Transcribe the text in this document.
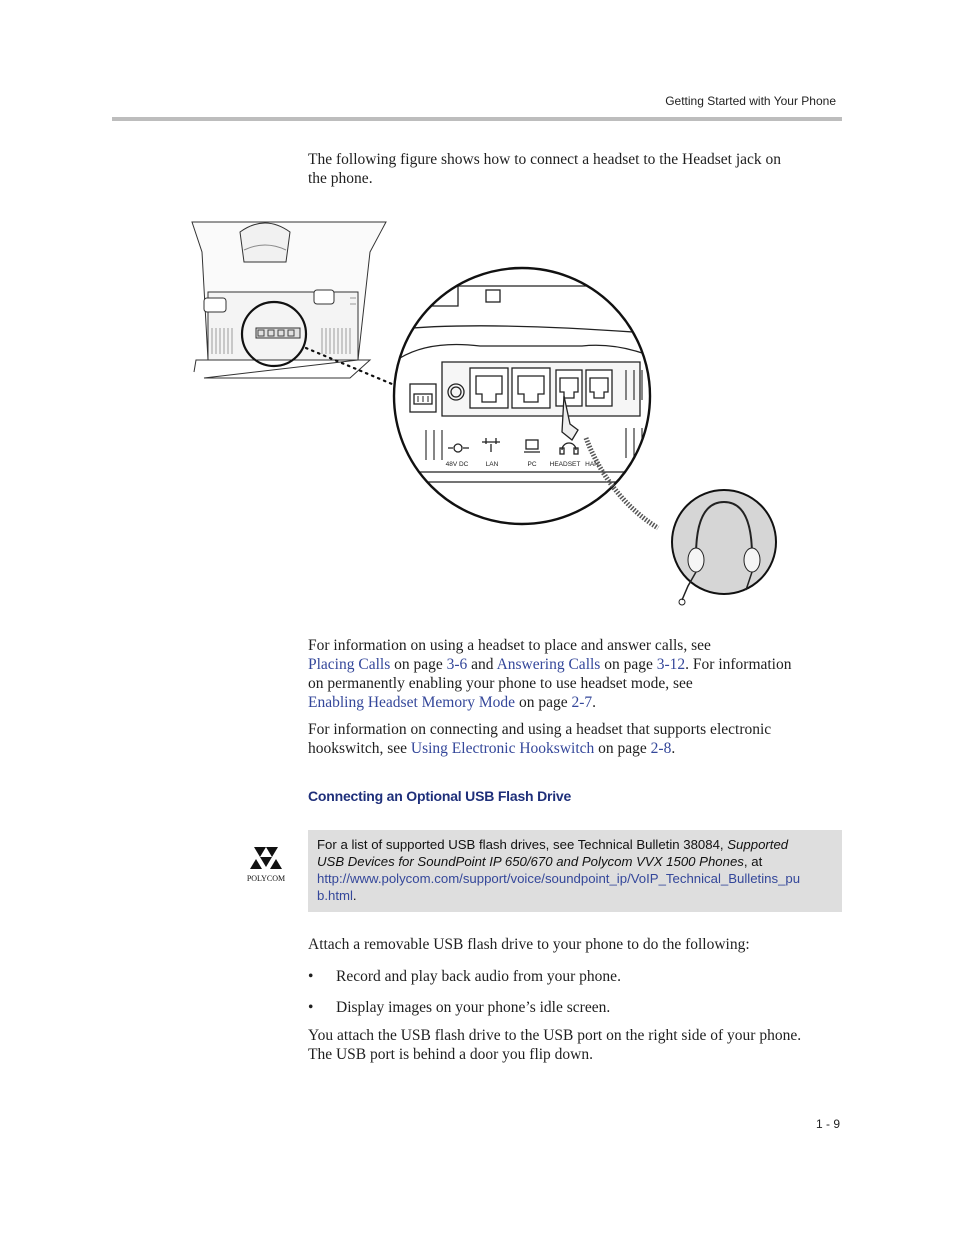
Getting Started with Your Phone

The following figure shows how to connect a headset to the Headset jack on

the phone.

48V DC	LAN	PC HEADSET HAN

For information on using a headset to place and answer calls, see

Placing Calls on page 3-6 and Answering Calls on page 3-12. For information

on permanently enabling your phone to use headset mode, see

Enabling Headset Memory Mode on page 2-7.

For information on connecting and using a headset that supports electronic

hookswitch, see Using Electronic Hookswitch on page 2-8.

Connecting an Optional USB Flash Drive
POLYCOM
For a list of supported USB flash drives, see Technical Bulletin 38084, Supported
USB Devices for SoundPoint IP 650/670 and Polycom VVX 1500 Phones, at
http://www.polycom.com/support/voice/soundpoint_ip/VoIP_Technical_Bulletins_pu
b.html.
Attach a removable USB flash drive to your phone to do the following:
• Record and play back audio from your phone.
• Display images on your phone’s idle screen.

You attach the USB flash drive to the USB port on the right side of your phone.

The USB port is behind a door you flip down.

1 - 9
